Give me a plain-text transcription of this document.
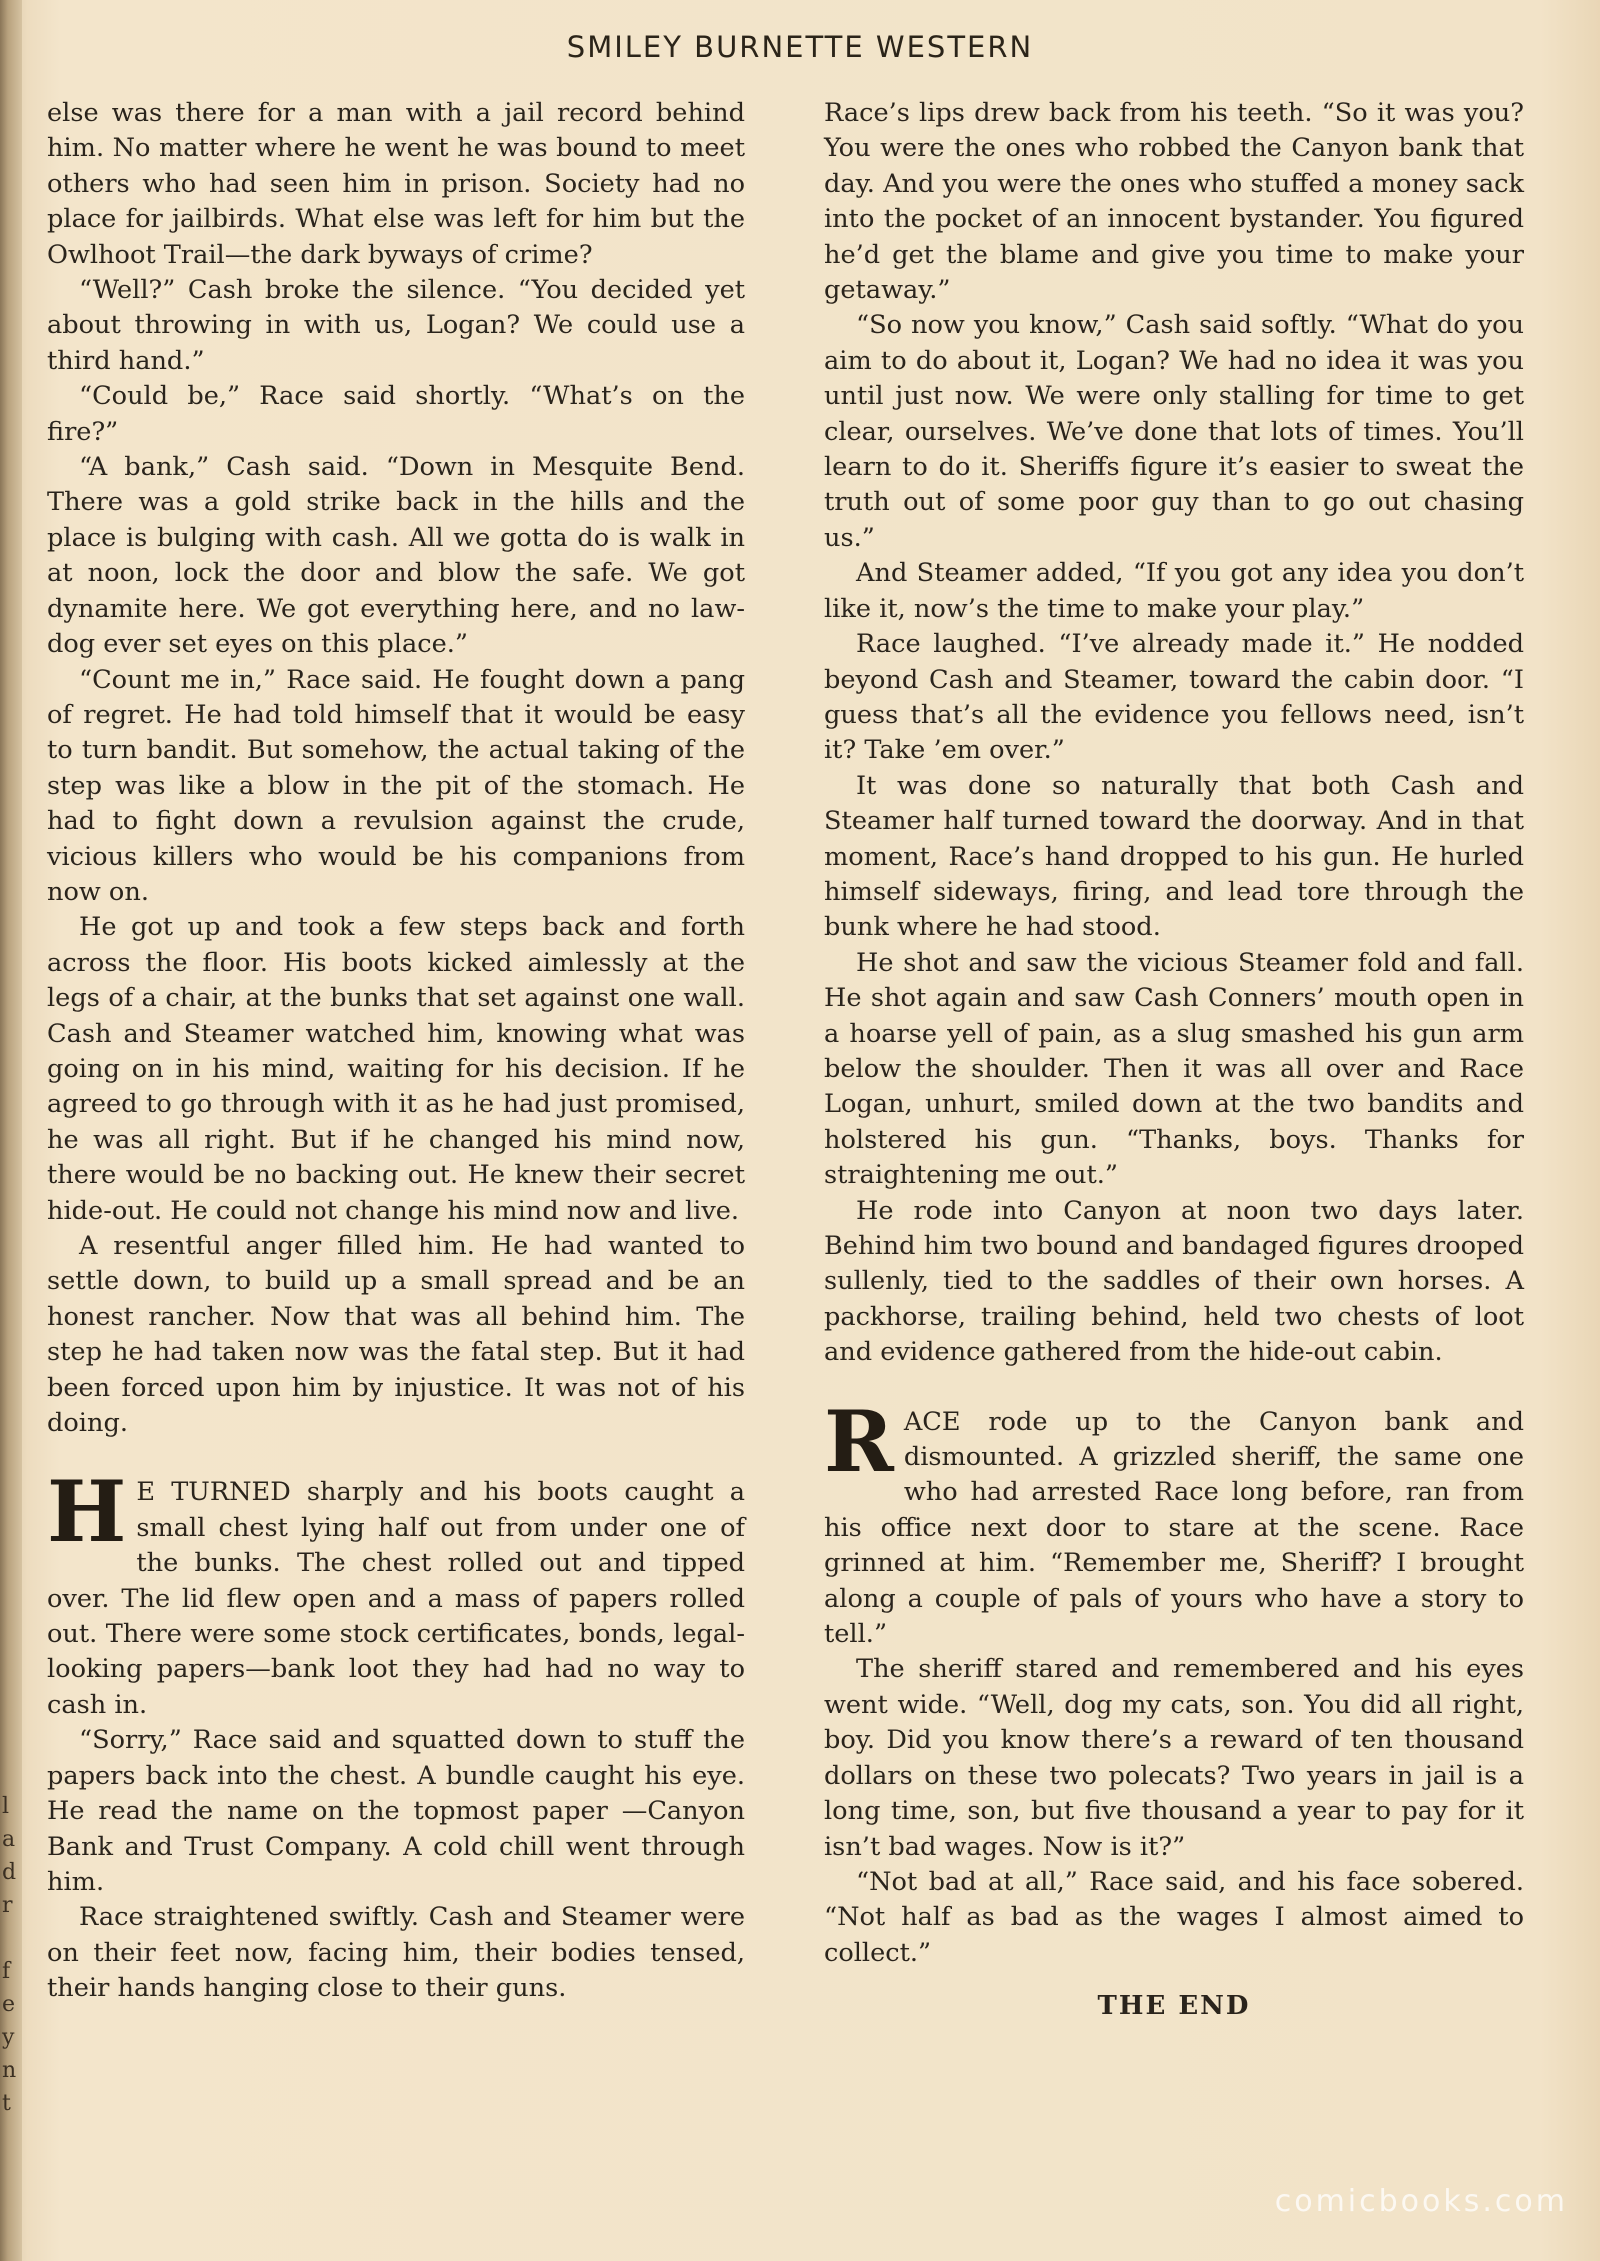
l
a
d
r
f
e
y
n
t
SMILEY BURNETTE WESTERN

else was there for a man with a jail record behind him. No matter where he went he was bound to meet others who had seen him in prison. Society had no place for jailbirds. What else was left for him but the Owlhoot Trail—the dark byways of crime?

“Well?” Cash broke the silence. “You decided yet about throwing in with us, Logan? We could use a third hand.”

“Could be,” Race said shortly. “What’s on the fire?”

“A bank,” Cash said. “Down in Mesquite Bend. There was a gold strike back in the hills and the place is bulging with cash. All we gotta do is walk in at noon, lock the door and blow the safe. We got dynamite here. We got everything here, and no law-dog ever set eyes on this place.”

“Count me in,” Race said. He fought down a pang of regret. He had told himself that it would be easy to turn bandit. But somehow, the actual taking of the step was like a blow in the pit of the stomach. He had to fight down a revulsion against the crude, vicious killers who would be his companions from now on.

He got up and took a few steps back and forth across the floor. His boots kicked aimlessly at the legs of a chair, at the bunks that set against one wall. Cash and Steamer watched him, knowing what was going on in his mind, waiting for his decision. If he agreed to go through with it as he had just promised, he was all right. But if he changed his mind now, there would be no backing out. He knew their secret hide-out. He could not change his mind now and live.

A resentful anger filled him. He had wanted to settle down, to build up a small spread and be an honest rancher. Now that was all behind him. The step he had taken now was the fatal step. But it had been forced upon him by injustice. It was not of his doing.

H E TURNED sharply and his boots caught a small chest lying half out from under one of the bunks. The chest rolled out and tipped over. The lid flew open and a mass of papers rolled out. There were some stock certificates, bonds, legal-looking papers—bank loot they had had no way to cash in.

“Sorry,” Race said and squatted down to stuff the papers back into the chest. A bundle caught his eye. He read the name on the topmost paper —Canyon Bank and Trust Company. A cold chill went through him.

Race straightened swiftly. Cash and Steamer were on their feet now, facing him, their bodies tensed, their hands hanging close to their guns.

Race’s lips drew back from his teeth. “So it was you? You were the ones who robbed the Canyon bank that day. And you were the ones who stuffed a money sack into the pocket of an innocent bystander. You figured he’d get the blame and give you time to make your getaway.”

“So now you know,” Cash said softly. “What do you aim to do about it, Logan? We had no idea it was you until just now. We were only stalling for time to get clear, ourselves. We’ve done that lots of times. You’ll learn to do it. Sheriffs figure it’s easier to sweat the truth out of some poor guy than to go out chasing us.”

And Steamer added, “If you got any idea you don’t like it, now’s the time to make your play.”

Race laughed. “I’ve already made it.” He nodded beyond Cash and Steamer, toward the cabin door. “I guess that’s all the evidence you fellows need, isn’t it? Take ’em over.”

It was done so naturally that both Cash and Steamer half turned toward the doorway. And in that moment, Race’s hand dropped to his gun. He hurled himself sideways, firing, and lead tore through the bunk where he had stood.

He shot and saw the vicious Steamer fold and fall. He shot again and saw Cash Conners’ mouth open in a hoarse yell of pain, as a slug smashed his gun arm below the shoulder. Then it was all over and Race Logan, unhurt, smiled down at the two bandits and holstered his gun. “Thanks, boys. Thanks for straightening me out.”

He rode into Canyon at noon two days later. Behind him two bound and bandaged figures drooped sullenly, tied to the saddles of their own horses. A packhorse, trailing behind, held two chests of loot and evidence gathered from the hide-out cabin.

RACE rode up to the Canyon bank and dismounted. A grizzled sheriff, the same one who had arrested Race long before, ran from his office next door to stare at the scene. Race grinned at him. “Remember me, Sheriff? I brought along a couple of pals of yours who have a story to tell.”

The sheriff stared and remembered and his eyes went wide. “Well, dog my cats, son. You did all right, boy. Did you know there’s a reward of ten thousand dollars on these two polecats? Two years in jail is a long time, son, but five thousand a year to pay for it isn’t bad wages. Now is it?”

“Not bad at all,” Race said, and his face sobered. “Not half as bad as the wages I almost aimed to collect.”

THE END
comicbooks.com
